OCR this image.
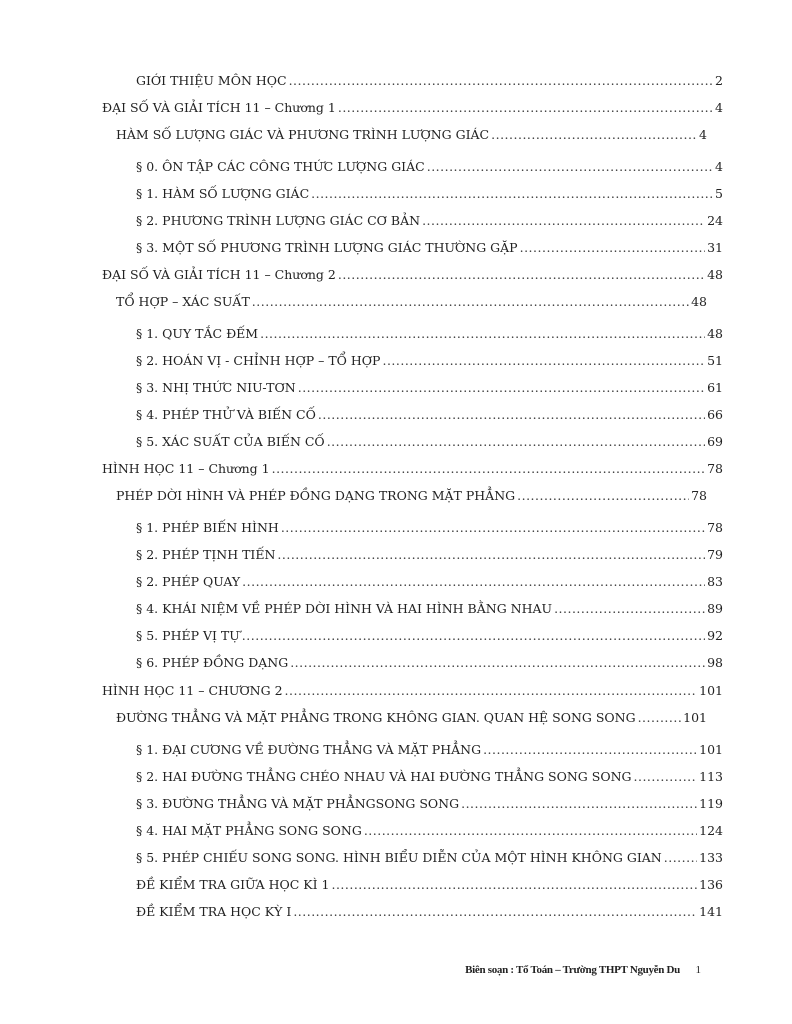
GIỚI THIỆU MÔN HỌC .....	2
ĐẠI SỐ VÀ GIẢI TÍCH 11 – Chương 1 .....	4
HÀM SỐ LƯỢNG GIÁC VÀ PHƯƠNG TRÌNH LƯỢNG GIÁC .....	4
§ 0. ÔN TẬP CÁC CÔNG THỨC LƯỢNG GIÁC .....	4
§ 1. HÀM SỐ LƯỢNG GIÁC .....	5
§ 2. PHƯƠNG TRÌNH LƯỢNG GIÁC CƠ BẢN .....	24
§ 3. MỘT SỐ PHƯƠNG TRÌNH LƯỢNG GIÁC THƯỜNG GẶP .....	31
ĐẠI SỐ VÀ GIẢI TÍCH 11 – Chương 2 .....	48
TỔ HỢP – XÁC SUẤT .....	48
§ 1. QUY TẮC ĐẾM .....	48
§ 2. HOÁN VỊ - CHỈNH HỢP – TỔ HỢP .....	51
§ 3. NHỊ THỨC NIU-TƠN .....	61
§ 4. PHÉP THỬ VÀ BIẾN CỐ .....	66
§ 5. XÁC SUẤT CỦA BIẾN CỐ .....	69
HÌNH HỌC 11 – Chương 1 .....	78
PHÉP DỜI HÌNH VÀ PHÉP ĐỒNG DẠNG TRONG MẶT PHẲNG .....	78
§ 1. PHÉP BIẾN HÌNH .....	78
§ 2. PHÉP TỊNH TIẾN .....	79
§ 2. PHÉP QUAY .....	83
§ 4. KHÁI NIỆM VỀ PHÉP DỜI HÌNH VÀ HAI HÌNH BẰNG NHAU .....	89
§ 5. PHÉP VỊ TỰ .....	92
§ 6. PHÉP ĐỒNG DẠNG .....	98
HÌNH HỌC 11 – CHƯƠNG 2 .....	101
ĐƯỜNG THẲNG VÀ MẶT PHẲNG TRONG KHÔNG GIAN. QUAN HỆ SONG SONG .....	101
§ 1. ĐẠI CƯƠNG VỀ ĐƯỜNG THẲNG VÀ MẶT PHẲNG .....	101
§ 2. HAI ĐƯỜNG THẲNG CHÉO NHAU VÀ HAI ĐƯỜNG THẲNG SONG SONG .....	113
§ 3. ĐƯỜNG THẲNG VÀ MẶT PHẲNGSONG SONG .....	119
§ 4. HAI MẶT PHẲNG SONG SONG .....	124
§ 5. PHÉP CHIẾU SONG SONG. HÌNH BIỂU DIỄN CỦA MỘT HÌNH KHÔNG GIAN .....	133
ĐỀ KIỂM TRA GIỮA HỌC KÌ 1 .....	136
ĐỀ KIỂM TRA HỌC KỲ I .....	141
Biên soạn : Tổ Toán – Trường THPT Nguyễn Du 1
